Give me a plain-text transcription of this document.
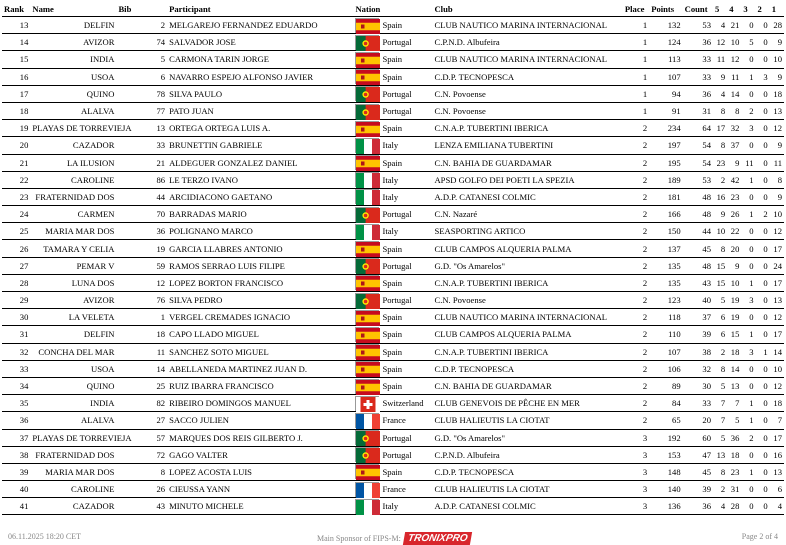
Rank	Name	Bib	Participant	Nation	Club	Place	Points	Count	5	4	3	2	1
13	DELFIN	2	MELGAREJO FERNANDEZ EDUARDO	Spain	CLUB NAUTICO MARINA INTERNACIONAL	1	132	53	4	21	0	0	28
14	AVIZOR	74	SALVADOR JOSE	Portugal	C.P.N.D. Albufeira	1	124	36	12	10	5	0	9
15	INDIA	5	CARMONA TARIN JORGE	Spain	CLUB NAUTICO MARINA INTERNACIONAL	1	113	33	11	12	0	0	10
16	USOA	6	NAVARRO ESPEJO ALFONSO JAVIER	Spain	C.D.P. TECNOPESCA	1	107	33	9	11	1	3	9
17	QUINO	78	SILVA PAULO	Portugal	C.N. Povoense	1	94	36	4	14	0	0	18
18	ALALVA	77	PATO JUAN	Portugal	C.N. Povoense	1	91	31	8	8	2	0	13
19	PLAYAS DE TORREVIEJA	13	ORTEGA ORTEGA LUIS A.	Spain	C.N.A.P. TUBERTINI IBERICA	2	234	64	17	32	3	0	12
20	CAZADOR	33	BRUNETTIN GABRIELE	Italy	LENZA EMILIANA TUBERTINI	2	197	54	8	37	0	0	9
21	LA ILUSION	21	ALDEGUER GONZALEZ DANIEL	Spain	C.N. BAHIA DE GUARDAMAR	2	195	54	23	9	11	0	11
22	CAROLINE	86	LE TERZO IVANO	Italy	APSD GOLFO DEI POETI LA SPEZIA	2	189	53	2	42	1	0	8
23	FRATERNIDAD DOS	44	ARCIDIACONO GAETANO	Italy	A.D.P. CATANESI COLMIC	2	181	48	16	23	0	0	9
24	CARMEN	70	BARRADAS MARIO	Portugal	C.N. Nazaré	2	166	48	9	26	1	2	10
25	MARIA MAR DOS	36	POLIGNANO MARCO	Italy	SEASPORTING ARTICO	2	150	44	10	22	0	0	12
26	TAMARA Y CELIA	19	GARCIA LLABRES ANTONIO	Spain	CLUB CAMPOS ALQUERIA PALMA	2	137	45	8	20	0	0	17
27	PEMAR V	59	RAMOS SERRAO LUIS FILIPE	Portugal	G.D. "Os Amarelos"	2	135	48	15	9	0	0	24
28	LUNA DOS	12	LOPEZ BORTON FRANCISCO	Spain	C.N.A.P. TUBERTINI IBERICA	2	135	43	15	10	1	0	17
29	AVIZOR	76	SILVA PEDRO	Portugal	C.N. Povoense	2	123	40	5	19	3	0	13
30	LA VELETA	1	VERGEL CREMADES IGNACIO	Spain	CLUB NAUTICO MARINA INTERNACIONAL	2	118	37	6	19	0	0	12
31	DELFIN	18	CAPO LLADO MIGUEL	Spain	CLUB CAMPOS ALQUERIA PALMA	2	110	39	6	15	1	0	17
32	CONCHA DEL MAR	11	SANCHEZ SOTO MIGUEL	Spain	C.N.A.P. TUBERTINI IBERICA	2	107	38	2	18	3	1	14
33	USOA	14	ABELLANEDA MARTINEZ JUAN D.	Spain	C.D.P. TECNOPESCA	2	106	32	8	14	0	0	10
34	QUINO	25	RUIZ IBARRA FRANCISCO	Spain	C.N. BAHIA DE GUARDAMAR	2	89	30	5	13	0	0	12
35	INDIA	82	RIBEIRO DOMINGOS MANUEL	Switzerland	CLUB GENEVOIS DE PÊCHE EN MER	2	84	33	7	7	1	0	18
36	ALALVA	27	SACCO JULIEN	France	CLUB HALIEUTIS LA CIOTAT	2	65	20	7	5	1	0	7
37	PLAYAS DE TORREVIEJA	57	MARQUES DOS REIS GILBERTO J.	Portugal	G.D. "Os Amarelos"	3	192	60	5	36	2	0	17
38	FRATERNIDAD DOS	72	GAGO VALTER	Portugal	C.P.N.D. Albufeira	3	153	47	13	18	0	0	16
39	MARIA MAR DOS	8	LOPEZ ACOSTA LUIS	Spain	C.D.P. TECNOPESCA	3	148	45	8	23	1	0	13
40	CAROLINE	26	CIEUSSA YANN	France	CLUB HALIEUTIS LA CIOTAT	3	140	39	2	31	0	0	6
41	CAZADOR	43	MINUTO MICHELE	Italy	A.D.P. CATANESI COLMIC	3	136	36	4	28	0	0	4
06.11.2025 18:20 CET	Main Sponsor of FIPS-M: TRONIXPRO	Page 2 of 4
